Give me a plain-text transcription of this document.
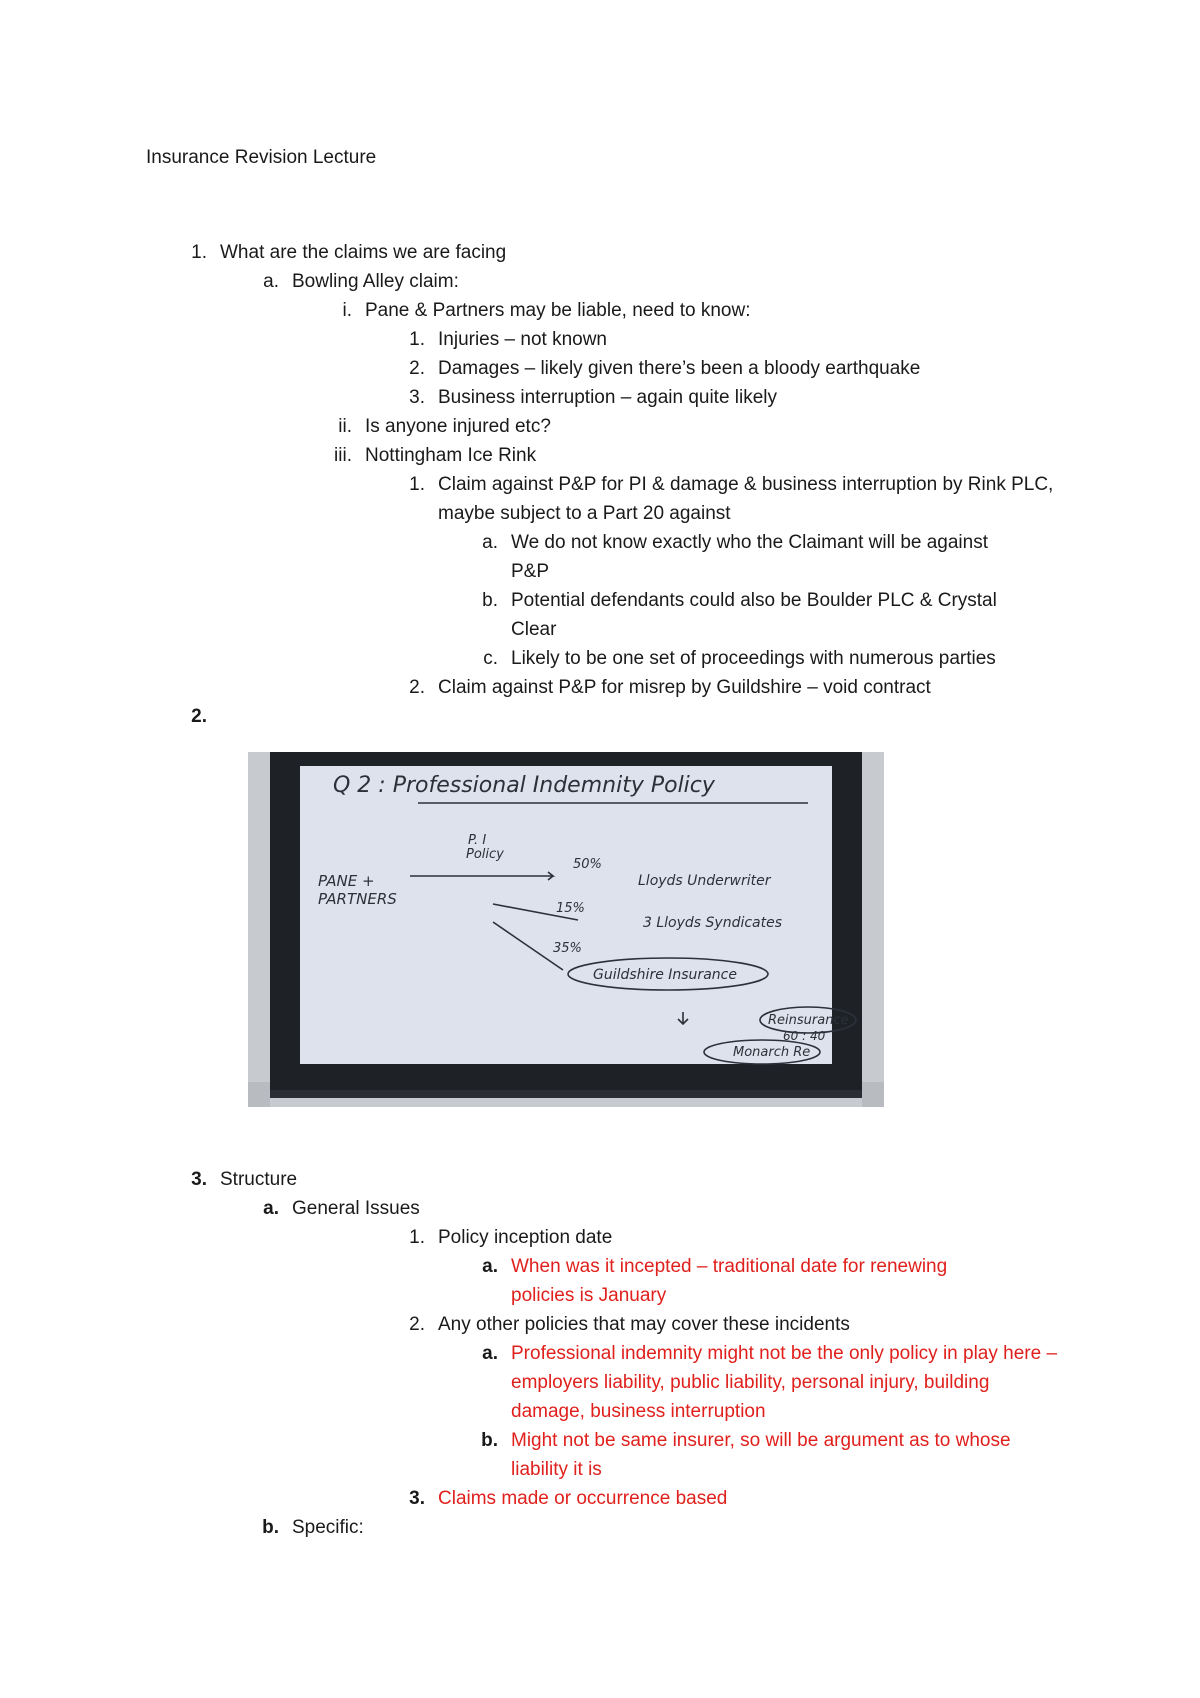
Insurance Revision Lecture
1. What are the claims we are facing
a. Bowling Alley claim:
i. Pane & Partners may be liable, need to know:
1. Injuries – not known
2. Damages – likely given there’s been a bloody earthquake
3. Business interruption – again quite likely
ii. Is anyone injured etc?
iii. Nottingham Ice Rink
1. Claim against P&P for PI & damage & business interruption by Rink PLC, maybe subject to a Part 20 against
a. We do not know exactly who the Claimant will be against P&P
b. Potential defendants could also be Boulder PLC & Crystal Clear
c. Likely to be one set of proceedings with numerous parties
2. Claim against P&P for misrep by Guildshire – void contract
2.
3. Structure
a. General Issues
1. Policy inception date
a. When was it incepted – traditional date for renewing policies is January
2. Any other policies that may cover these incidents
a. Professional indemnity might not be the only policy in play here – employers liability, public liability, personal injury, building damage, business interruption
b. Might not be same insurer, so will be argument as to whose liability it is
3. Claims made or occurrence based
b. Specific:
Q 2 : Professional Indemnity Policy
PANE +
PARTNERS
P. I
Policy
50%
15%
35%
Lloyds Underwriter
3 Lloyds Syndicates
Guildshire Insurance
Reinsurance
60 : 40
Monarch Re
